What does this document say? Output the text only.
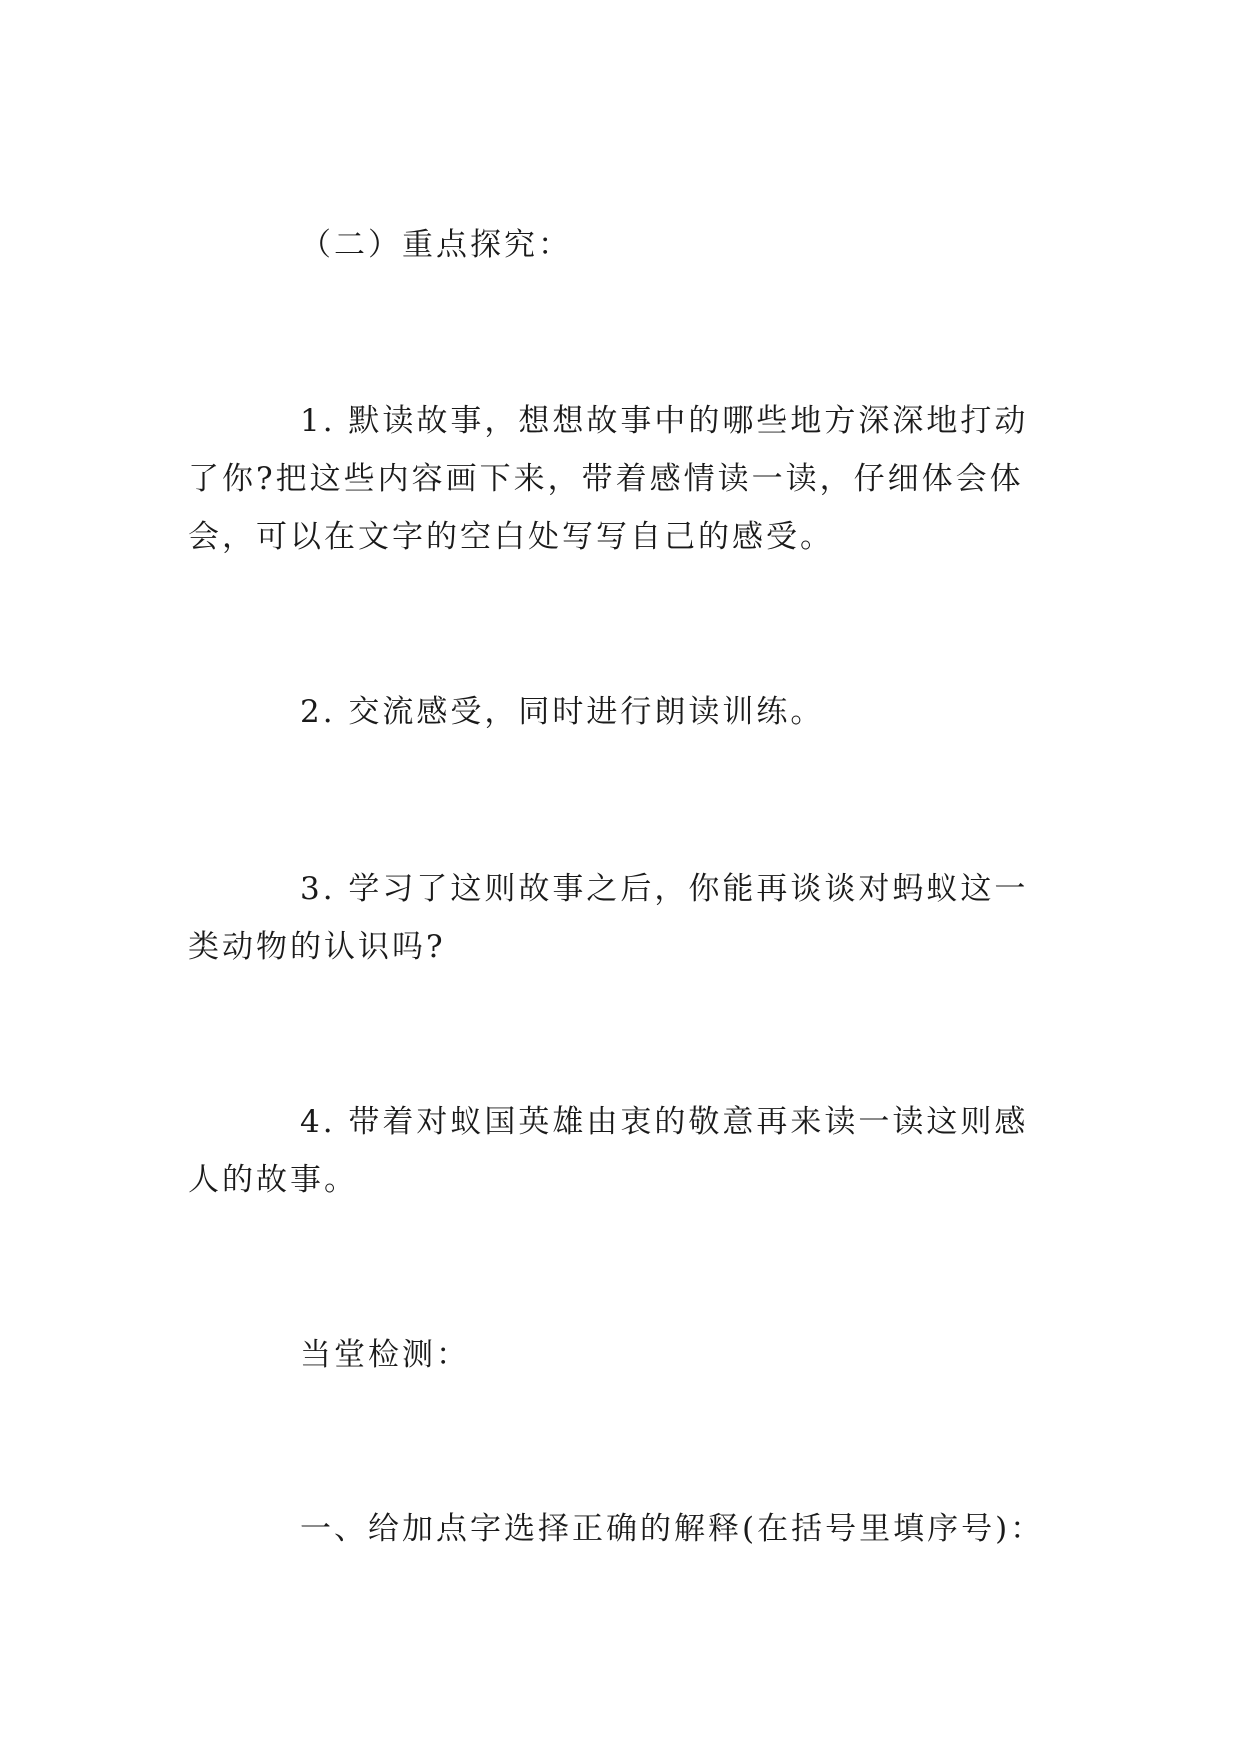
（二）重点探究：

1. 默读故事，想想故事中的哪些地方深深地打动了你?把这些内容画下来，带着感情读一读，仔细体会体会，可以在文字的空白处写写自己的感受。

2. 交流感受，同时进行朗读训练。

3. 学习了这则故事之后，你能再谈谈对蚂蚁这一类动物的认识吗?

4. 带着对蚁国英雄由衷的敬意再来读一读这则感人的故事。

当堂检测：

一、给加点字选择正确的解释(在括号里填序号)：
